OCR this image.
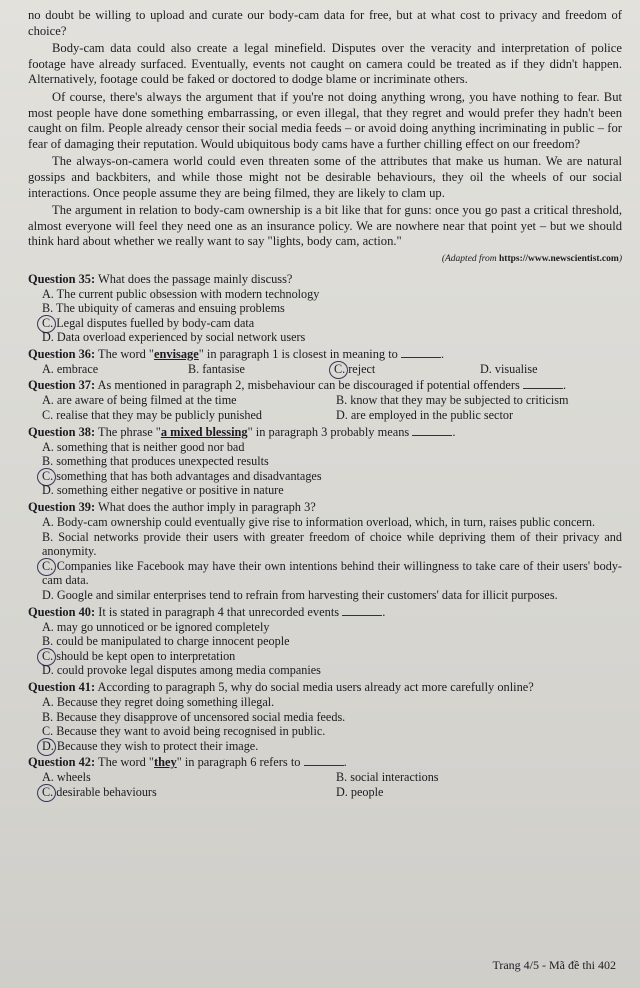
no doubt be willing to upload and curate our body-cam data for free, but at what cost to privacy and freedom of choice?

Body-cam data could also create a legal minefield. Disputes over the veracity and interpretation of police footage have already surfaced. Eventually, events not caught on camera could be treated as if they didn't happen. Alternatively, footage could be faked or doctored to dodge blame or incriminate others.

Of course, there's always the argument that if you're not doing anything wrong, you have nothing to fear. But most people have done something embarrassing, or even illegal, that they regret and would prefer they hadn't been caught on film. People already censor their social media feeds – or avoid doing anything incriminating in public – for fear of damaging their reputation. Would ubiquitous body cams have a further chilling effect on our freedom?

The always-on-camera world could even threaten some of the attributes that make us human. We are natural gossips and backbiters, and while those might not be desirable behaviours, they oil the wheels of our social interactions. Once people assume they are being filmed, they are likely to clam up.

The argument in relation to body-cam ownership is a bit like that for guns: once you go past a critical threshold, almost everyone will feel they need one as an insurance policy. We are nowhere near that point yet – but we should think hard about whether we really want to say "lights, body cam, action."

(Adapted from https://www.newscientist.com)
Question 35: What does the passage mainly discuss?
A. The current public obsession with modern technology
B. The ubiquity of cameras and ensuing problems
C. Legal disputes fuelled by body-cam data
D. Data overload experienced by social network users
Question 36: The word "envisage" in paragraph 1 is closest in meaning to	.
A. embrace	B. fantasise	C. reject	D. visualise
Question 37: As mentioned in paragraph 2, misbehaviour can be discouraged if potential offenders	.
A. are aware of being filmed at the time	B. know that they may be subjected to criticism
C. realise that they may be publicly punished	D. are employed in the public sector
Question 38: The phrase "a mixed blessing" in paragraph 3 probably means	.
A. something that is neither good nor bad
B. something that produces unexpected results
C. something that has both advantages and disadvantages
D. something either negative or positive in nature
Question 39: What does the author imply in paragraph 3?
A. Body-cam ownership could eventually give rise to information overload, which, in turn, raises public concern.
B. Social networks provide their users with greater freedom of choice while depriving them of their privacy and anonymity.
C. Companies like Facebook may have their own intentions behind their willingness to take care of their users' body-cam data.
D. Google and similar enterprises tend to refrain from harvesting their customers' data for illicit purposes.
Question 40: It is stated in paragraph 4 that unrecorded events	.
A. may go unnoticed or be ignored completely
B. could be manipulated to charge innocent people
C. should be kept open to interpretation
D. could provoke legal disputes among media companies
Question 41: According to paragraph 5, why do social media users already act more carefully online?
A. Because they regret doing something illegal.
B. Because they disapprove of uncensored social media feeds.
C. Because they want to avoid being recognised in public.
D. Because they wish to protect their image.
Question 42: The word "they" in paragraph 6 refers to	.
A. wheels	B. social interactions
C. desirable behaviours	D. people
Trang 4/5 - Mã đề thi 402
